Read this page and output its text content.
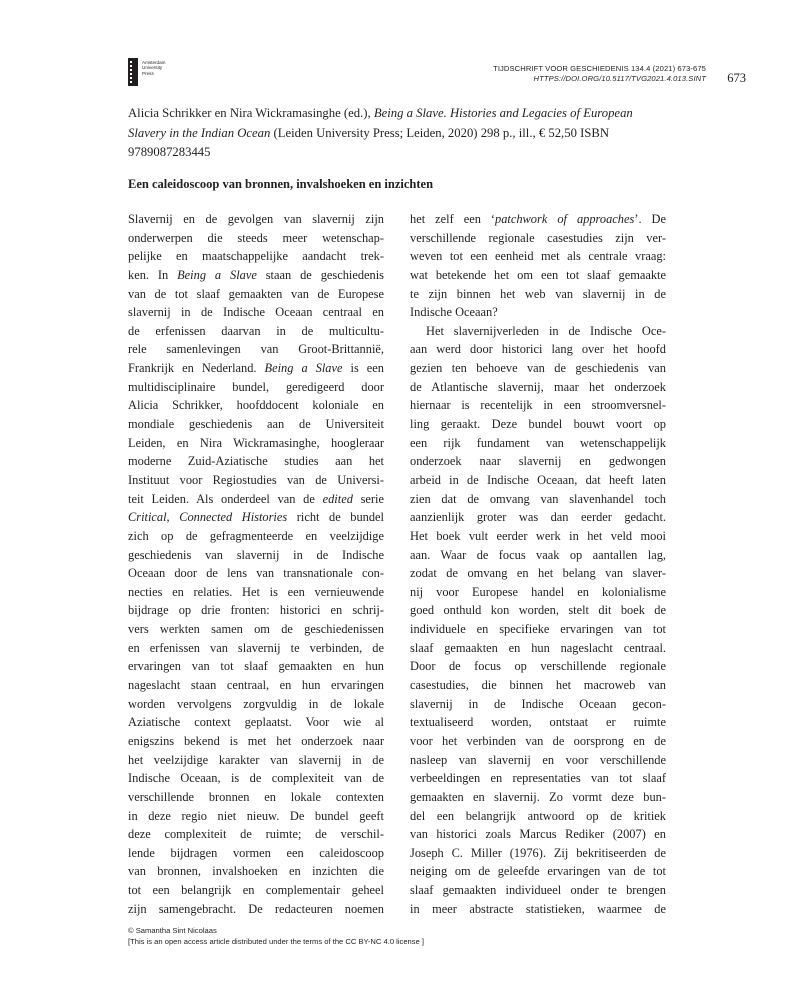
Amsterdam
University
Press
TIJDSCHRIFT VOOR GESCHIEDENIS 134.4 (2021) 673-675
HTTPS://DOI.ORG/10.5117/TVG2021.4.013.SINT 673
Alicia Schrikker en Nira Wickramasinghe (ed.), Being a Slave. Histories and Legacies of European
Slavery in the Indian Ocean (Leiden University Press; Leiden, 2020) 298 p., ill., € 52,50 ISBN
9789087283445
Een caleidoscoop van bronnen, invalshoeken en inzichten
Slavernij en de gevolgen van slavernij zijn
onderwerpen die steeds meer wetenschap-
pelijke en maatschappelijke aandacht trek-
ken. In Being a Slave staan de geschiedenis
van de tot slaaf gemaakten van de Europese
slavernij in de Indische Oceaan centraal en
de erfenissen daarvan in de multicultu-
rele samenlevingen van Groot-Brittannië,
Frankrijk en Nederland. Being a Slave is een
multidisciplinaire bundel, geredigeerd door
Alicia Schrikker, hoofddocent koloniale en
mondiale geschiedenis aan de Universiteit
Leiden, en Nira Wickramasinghe, hoogleraar
moderne Zuid-Aziatische studies aan het
Instituut voor Regiostudies van de Universi-
teit Leiden. Als onderdeel van de edited serie
Critical, Connected Histories richt de bundel
zich op de gefragmenteerde en veelzijdige
geschiedenis van slavernij in de Indische
Oceaan door de lens van transnationale con-
necties en relaties. Het is een vernieuwende
bijdrage op drie fronten: historici en schrij-
vers werkten samen om de geschiedenissen
en erfenissen van slavernij te verbinden, de
ervaringen van tot slaaf gemaakten en hun
nageslacht staan centraal, en hun ervaringen
worden vervolgens zorgvuldig in de lokale
Aziatische context geplaatst. Voor wie al
enigszins bekend is met het onderzoek naar
het veelzijdige karakter van slavernij in de
Indische Oceaan, is de complexiteit van de
verschillende bronnen en lokale contexten
in deze regio niet nieuw. De bundel geeft
deze complexiteit de ruimte; de verschil-
lende bijdragen vormen een caleidoscoop
van bronnen, invalshoeken en inzichten die
tot een belangrijk en complementair geheel
zijn samengebracht. De redacteuren noemen
het zelf een ‘patchwork of approaches’. De
verschillende regionale casestudies zijn ver-
weven tot een eenheid met als centrale vraag:
wat betekende het om een tot slaaf gemaakte
te zijn binnen het web van slavernij in de
Indische Oceaan?
Het slavernijverleden in de Indische Oce-
aan werd door historici lang over het hoofd
gezien ten behoeve van de geschiedenis van
de Atlantische slavernij, maar het onderzoek
hiernaar is recentelijk in een stroomversnel-
ling geraakt. Deze bundel bouwt voort op
een rijk fundament van wetenschappelijk
onderzoek naar slavernij en gedwongen
arbeid in de Indische Oceaan, dat heeft laten
zien dat de omvang van slavenhandel toch
aanzienlijk groter was dan eerder gedacht.
Het boek vult eerder werk in het veld mooi
aan. Waar de focus vaak op aantallen lag,
zodat de omvang en het belang van slaver-
nij voor Europese handel en kolonialisme
goed onthuld kon worden, stelt dit boek de
individuele en specifieke ervaringen van tot
slaaf gemaakten en hun nageslacht centraal.
Door de focus op verschillende regionale
casestudies, die binnen het macroweb van
slavernij in de Indische Oceaan gecon-
textualiseerd worden, ontstaat er ruimte
voor het verbinden van de oorsprong en de
nasleep van slavernij en voor verschillende
verbeeldingen en representaties van tot slaaf
gemaakten en slavernij. Zo vormt deze bun-
del een belangrijk antwoord op de kritiek
van historici zoals Marcus Rediker (2007) en
Joseph C. Miller (1976). Zij bekritiseerden de
neiging om de geleefde ervaringen van de tot
slaaf gemaakten individueel onder te brengen
in meer abstracte statistieken, waarmee de
© Samantha Sint Nicolaas
[This is an open access article distributed under the terms of the CC BY-NC 4.0 license ]
